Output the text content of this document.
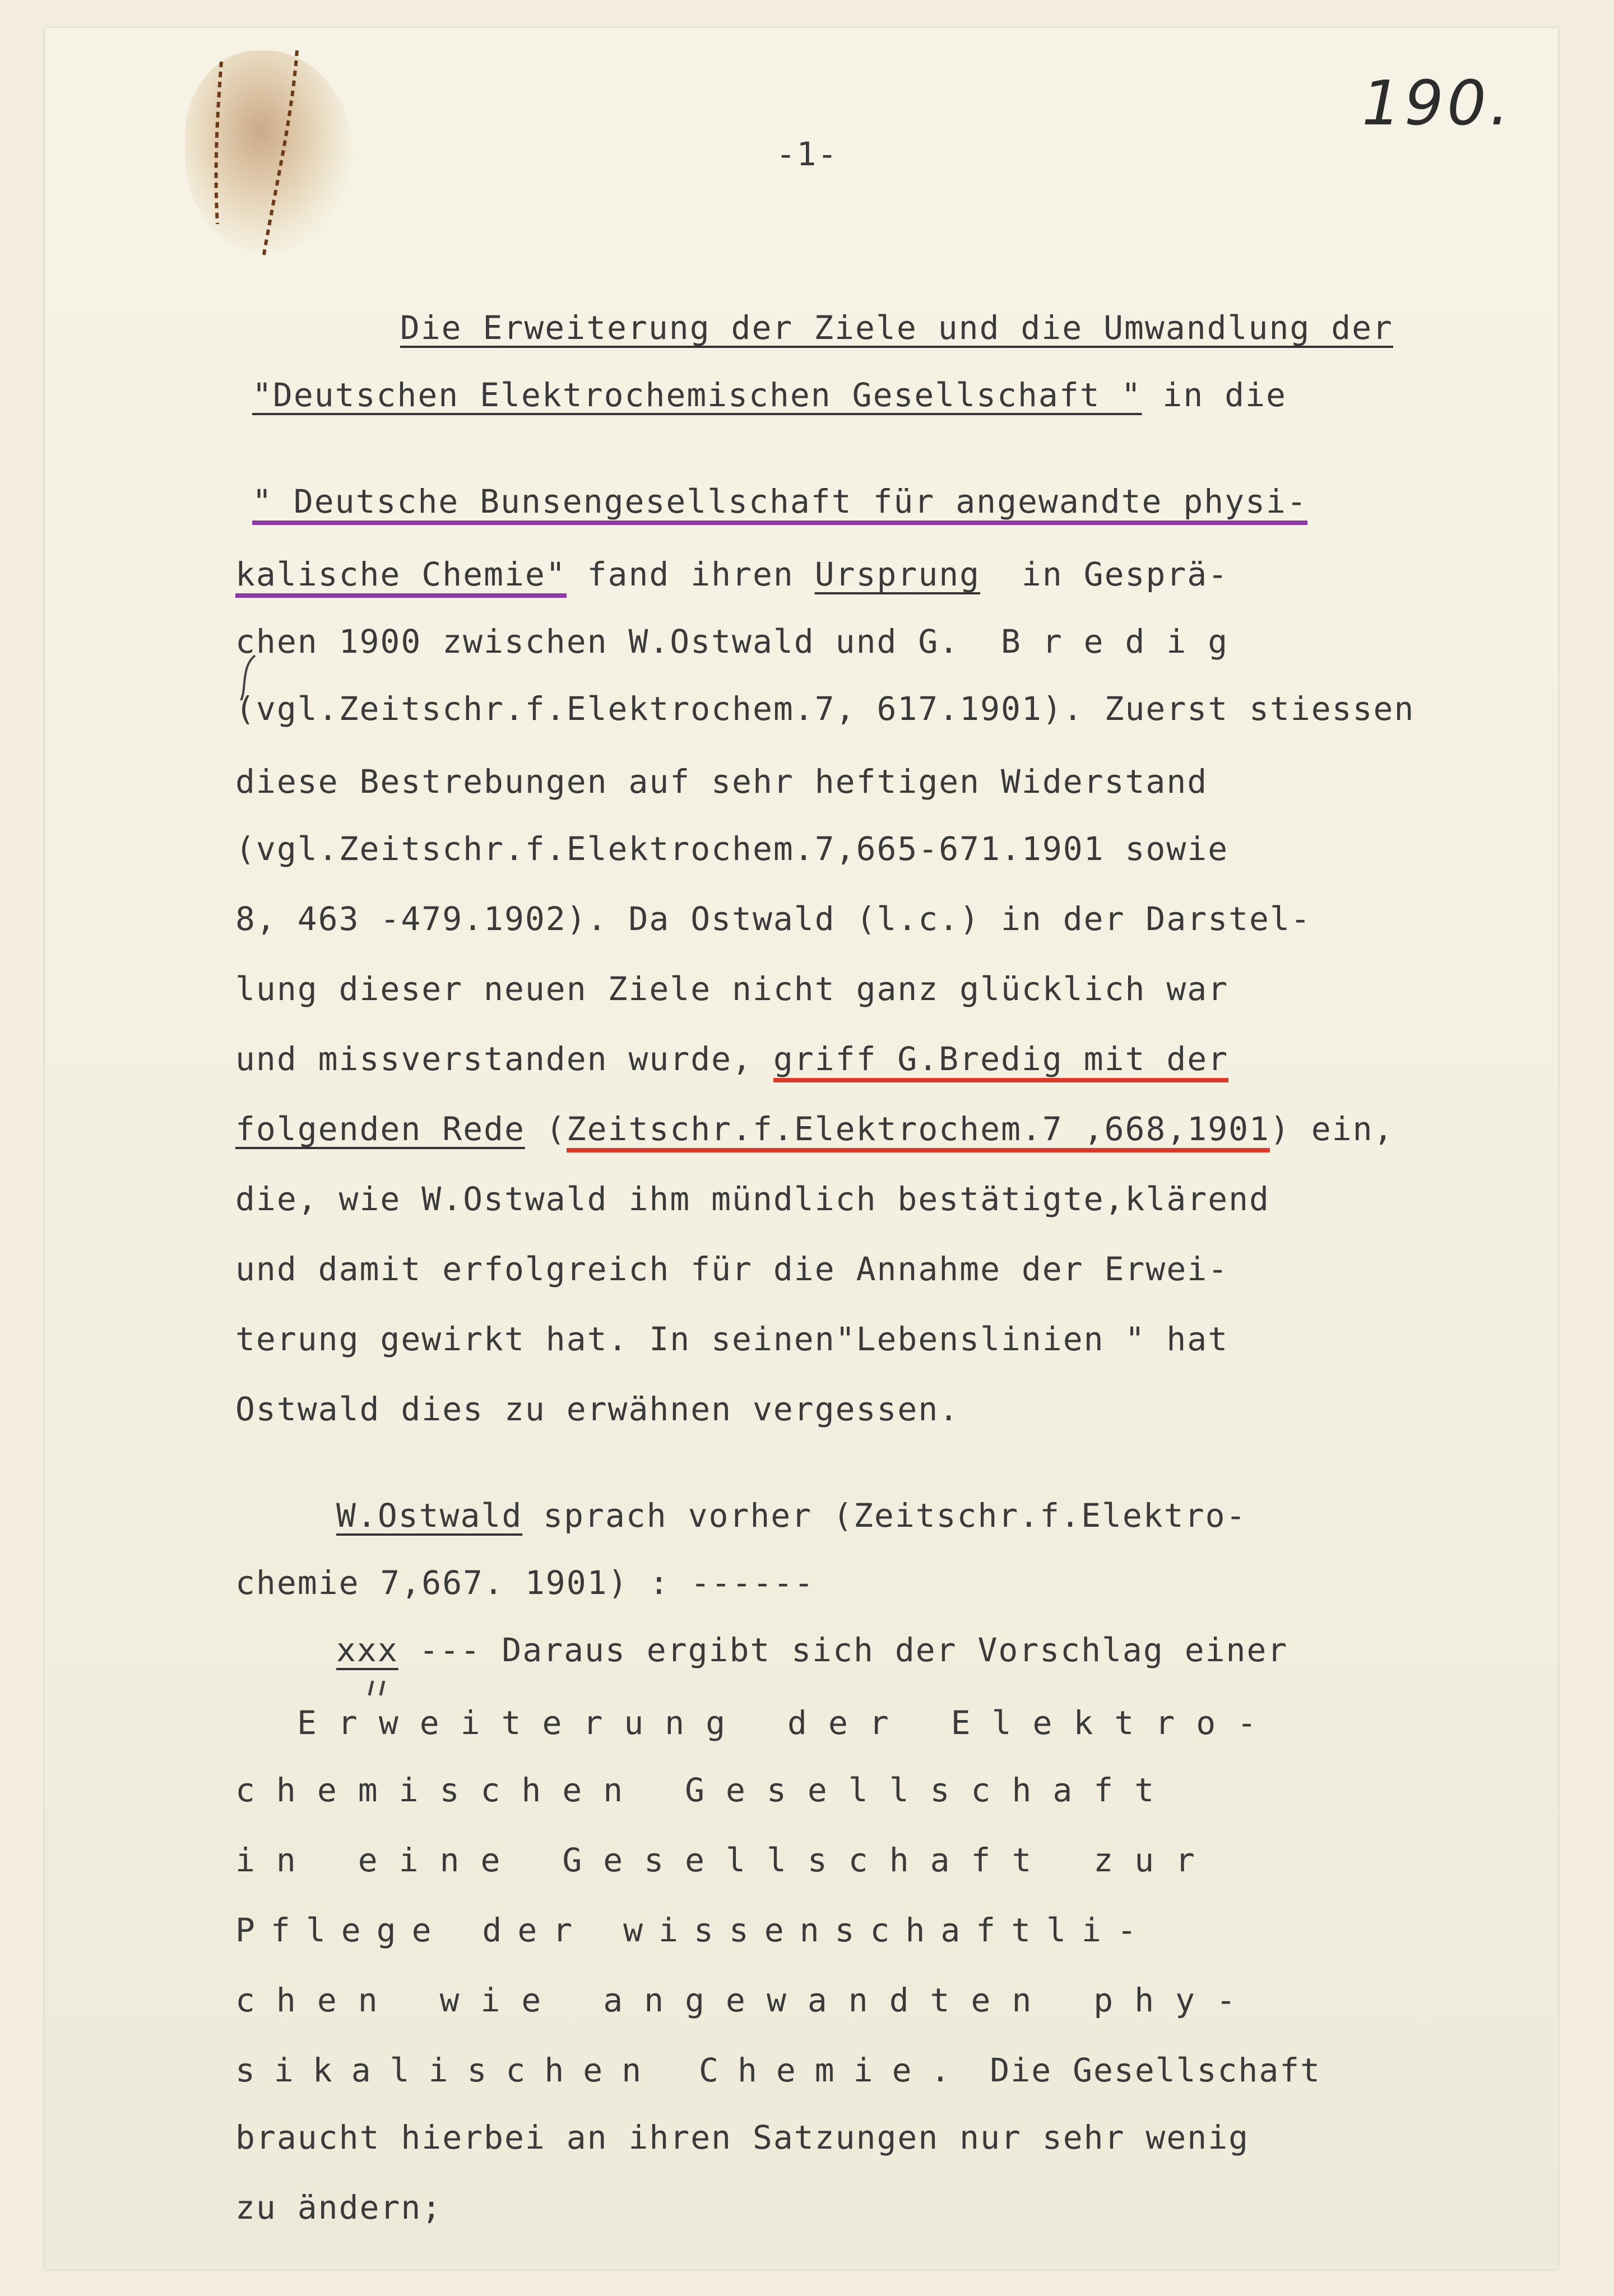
190.

-1-

Die Erweiterung der Ziele und die Umwandlung der

"Deutschen Elektrochemischen Gesellschaft " in die

" Deutsche Bunsengesellschaft für angewandte physi-

kalische Chemie" fand ihren Ursprung  in Gesprä-

chen 1900 zwischen W.Ostwald und G.  B r e d i g

(vgl.Zeitschr.f.Elektrochem.7, 617.1901). Zuerst stiessen

diese Bestrebungen auf sehr heftigen Widerstand

(vgl.Zeitschr.f.Elektrochem.7,665-671.1901 sowie

8, 463 -479.1902). Da Ostwald (l.c.) in der Darstel-

lung dieser neuen Ziele nicht ganz glücklich war

und missverstanden wurde, griff G.Bredig mit der

folgenden Rede (Zeitschr.f.Elektrochem.7 ,668,1901) ein,

die, wie W.Ostwald ihm mündlich bestätigte,klärend

und damit erfolgreich für die Annahme der Erwei-

terung gewirkt hat. In seinen"Lebenslinien " hat

Ostwald dies zu erwähnen vergessen.

W.Ostwald sprach vorher (Zeitschr.f.Elektro-

chemie 7,667. 1901) : ------

xxx --- Daraus ergibt sich der Vorschlag einer

Erweiterung der Elektro-

chemischen Gesellschaft

in eine Gesellschaft zur

Pflege der wissenschaftli-

chen wie angewandten phy-

sikalischen Chemie. Die Gesellschaft

braucht hierbei an ihren Satzungen nur sehr wenig

zu ändern;
